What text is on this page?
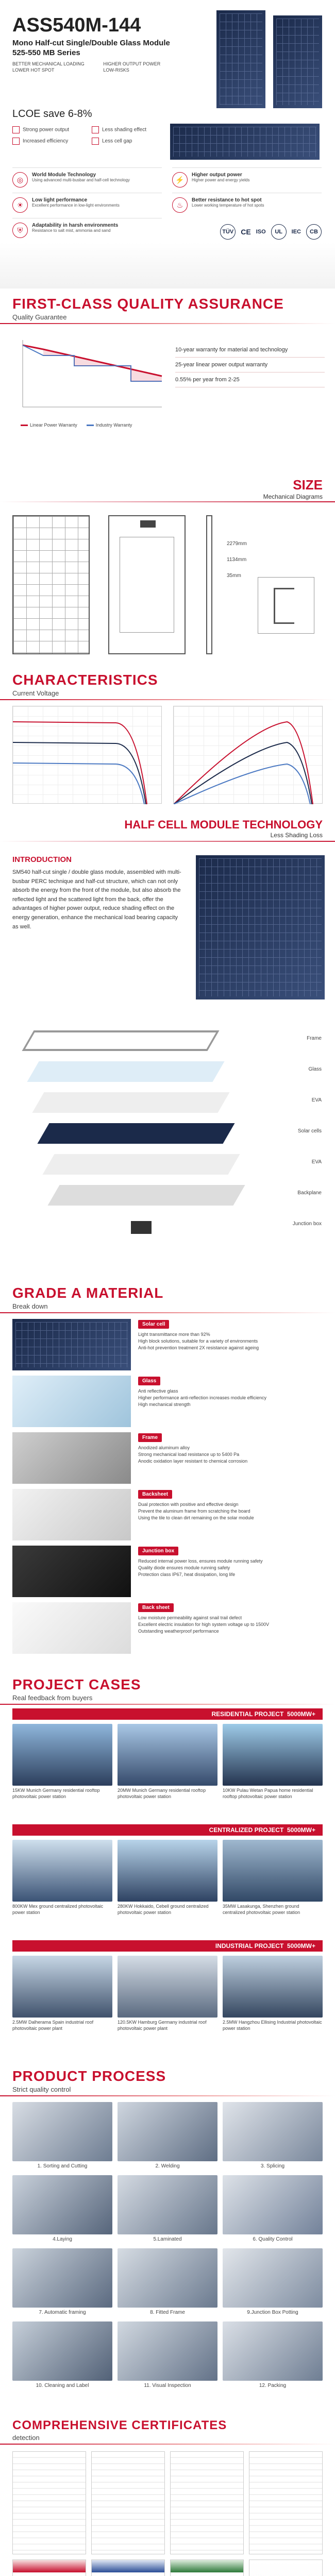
ASS540M-144
Mono Half-cut Single/Double Glass Module
525-550 MB Series
BETTER MECHANICAL LOADING	HIGHER OUTPUT POWER
LOWER HOT SPOT	LOW-RISKS
LCOE save 6-8%
Strong power output	Less shading effect
Increased efficiency	Less cell gap
◎
World Module Technology
Using advanced multi-busbar and half-cell technology	⚡
Higher output power
Higher power and energy yields
☀
Low light performance
Excellent performance in low-light environments	♨
Better resistance to hot spot
Lower working temperature of hot spots
⛨
Adaptability in harsh environments
Resistance to salt mist, ammonia and sand	TÜV CE ISO	UL	IEC	CB
FIRST-CLASS QUALITY ASSURANCE
Quality Guarantee
Linear Power Warranty	Industry Warranty
10-year warranty for material and technology
25-year linear power output warranty
0.55% per year from 2-25
SIZE
Mechanical Diagrams
2279mm
1134mm
35mm
CHARACTERISTICS
Current Voltage
HALF CELL MODULE TECHNOLOGY
Less Shading Loss
INTRODUCTION
SM540 half-cut single / double glass module, assembled with multi-busbar PERC technique and half-cut structure, which can not only absorb the energy from the front of the module, but also absorb the reflected light and the scattered light from the back, offer the advantages of higher power output, reduce shading effect on the energy generation, enhance the mechanical load bearing capacity as well.
Frame
Glass
EVA
Solar cells
EVA
Backplane
Junction box
GRADE A MATERIAL
Break down
Solar cell
Light transmittance more than 92%
High block solutions, suitable for a variety of environments
Anti-hot prevention treatment 2X resistance against ageing
Glass
Anti reflective glass
Higher performance anti-reflection increases module efficiency
High mechanical strength
Frame
Anodized aluminum alloy
Strong mechanical load resistance up to 5400 Pa
Anodic oxidation layer resistant to chemical corrosion
Backsheet
Dual protection with positive and effective design
Prevent the aluminum frame from scratching the board
Using the tile to clean dirt remaining on the solar module
Junction box
Reduced internal power loss, ensures module running safety
Quality diode ensures module running safety
Protection class IP67, heat dissipation, long life
Back sheet
Low moisture permeability against snail trail defect
Excellent electric insulation for high system voltage up to 1500V
Outstanding weatherproof performance
PROJECT CASES
Real feedback from buyers
RESIDENTIAL PROJECT 5000MW+
15KW Munich Germany residential rooftop photovoltaic power station
20MW Munich Germany residential rooftop photovoltaic power station
10KW Pulau Wetan Papua home residential rooftop photovoltaic power station
CENTRALIZED PROJECT 5000MW+
800KW Mex ground centralized photovoltaic power station
280KW Hokkaido, Cebell ground centralized photovoltaic power station
35MW Lasakunga, Shenzhen ground centralized photovoltaic power station
INDUSTRIAL PROJECT 5000MW+
2.5MW Dalherama Spain industrial roof photovoltaic power plant
120.5KW Hamburg Germany industrial roof photovoltaic power plant
2.5MW Hangzhou Ellising Industrial photovoltaic power station
PRODUCT PROCESS
Strict quality control
1. Sorting and Cutting	2. Welding	3. Splicing
4.Laying	5.Laminated	6. Quality Control
7. Automatic framing	8. Fitted Frame	9.Junction Box Potting
10. Cleaning and Label	11. Visual Inspection	12. Packing
COMPREHENSIVE CERTIFICATES
detection
